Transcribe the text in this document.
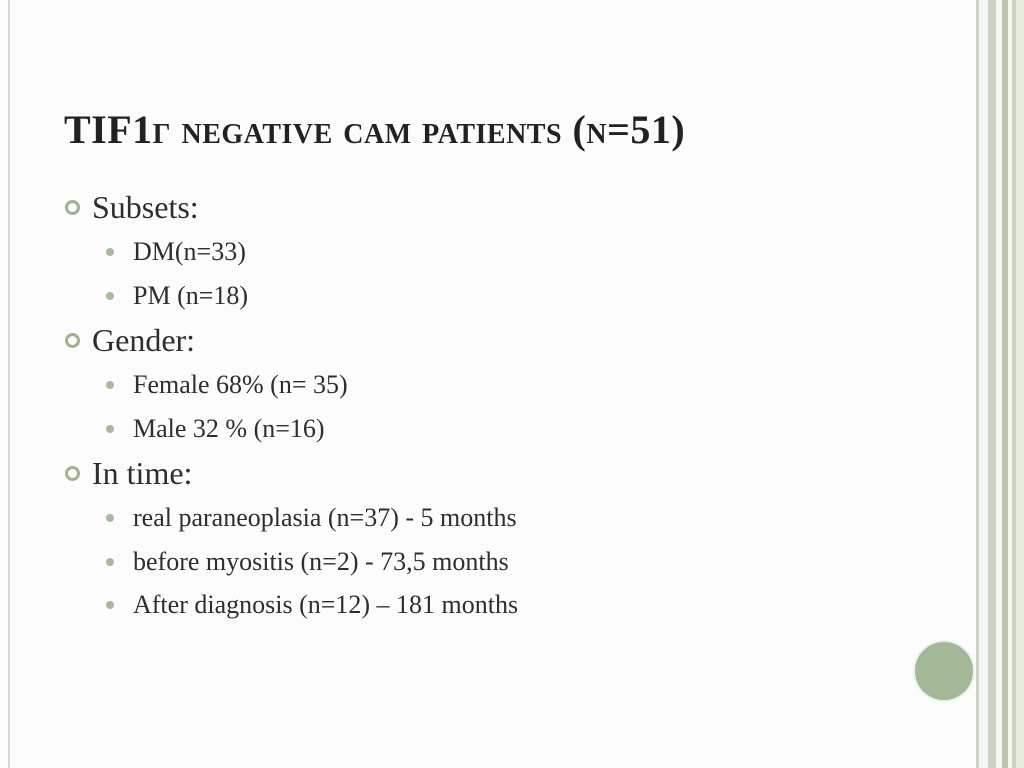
TIF1г negative cam patients (n=51)
Subsets:
DM(n=33)
PM (n=18)
Gender:
Female 68% (n= 35)
Male 32 % (n=16)
In time:
real paraneoplasia (n=37) - 5 months
before myositis (n=2) - 73,5 months
After diagnosis (n=12) – 181 months
